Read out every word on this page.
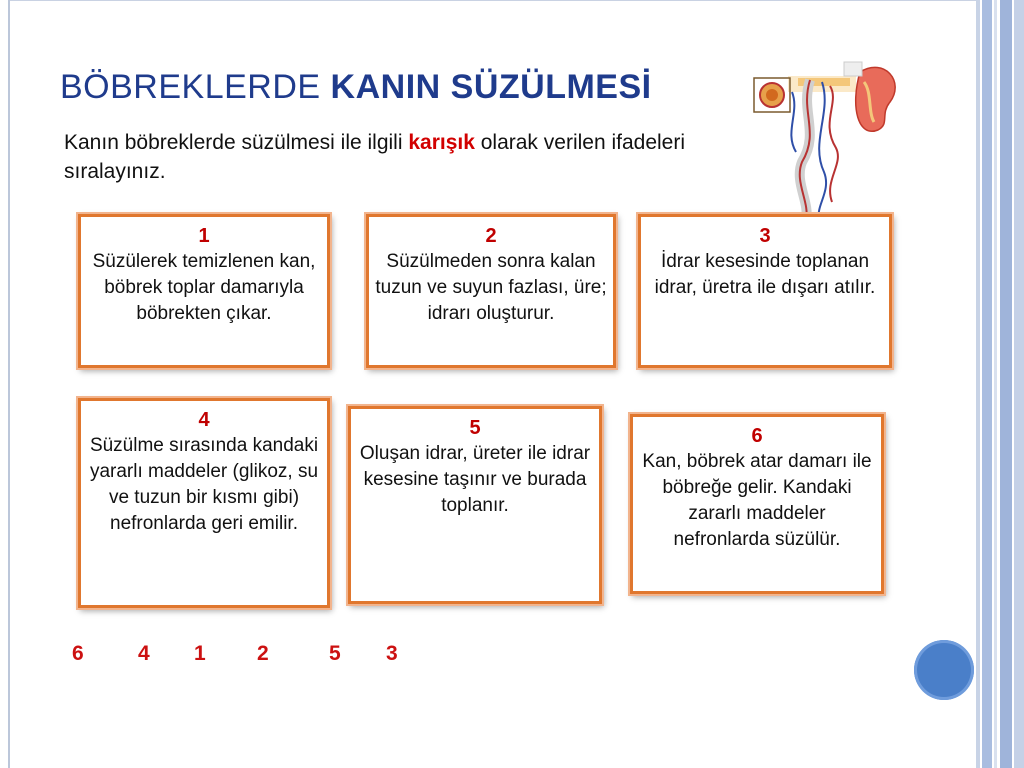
BÖBREKLERDE KANIN SÜZÜLMESİ
Kanın böbreklerde süzülmesi ile ilgili karışık olarak verilen ifadeleri sıralayınız.
1
Süzülerek temizlenen kan, böbrek toplar damarıyla böbrekten çıkar.
2
Süzülmeden sonra kalan tuzun ve suyun fazlası, üre; idrarı oluşturur.
3
İdrar kesesinde toplanan idrar, üretra ile dışarı atılır.
4
Süzülme sırasında kandaki yararlı maddeler (glikoz, su ve tuzun bir kısmı gibi) nefronlarda geri emilir.
5
Oluşan idrar, üreter ile idrar kesesine taşınır ve burada toplanır.
6
Kan, böbrek atar damarı ile böbreğe gelir. Kandaki zararlı maddeler nefronlarda süzülür.
6	4 1 2	5 3
